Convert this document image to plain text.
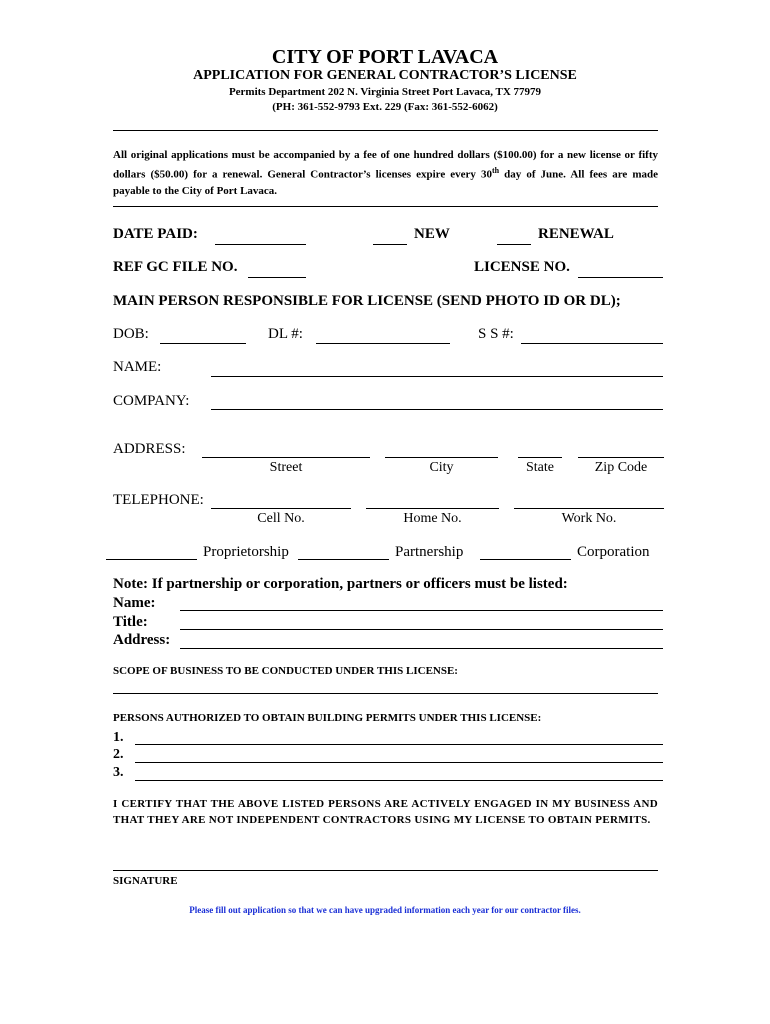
CITY OF PORT LAVACA
APPLICATION FOR GENERAL CONTRACTOR’S LICENSE
Permits Department 202 N. Virginia Street Port Lavaca, TX 77979
(PH: 361-552-9793 Ext. 229 (Fax: 361-552-6062)
All original applications must be accompanied by a fee of one hundred dollars ($100.00) for a new license or fifty dollars ($50.00) for a renewal. General Contractor’s licenses expire every 30th day of June. All fees are made payable to the City of Port Lavaca.
DATE PAID:	NEW	RENEWAL
REF GC FILE NO.	LICENSE NO.
MAIN PERSON RESPONSIBLE FOR LICENSE (SEND PHOTO ID OR DL);
DOB:	DL #:	S S #:
NAME:
COMPANY:
ADDRESS:
Street	City	State	Zip Code
TELEPHONE:
Cell No.	Home No.	Work No.
Proprietorship	Partnership	Corporation
Note: If partnership or corporation, partners or officers must be listed:
Name:
Title:
Address:
SCOPE OF BUSINESS TO BE CONDUCTED UNDER THIS LICENSE:
PERSONS AUTHORIZED TO OBTAIN BUILDING PERMITS UNDER THIS LICENSE:
1.
2.
3.
I CERTIFY THAT THE ABOVE LISTED PERSONS ARE ACTIVELY ENGAGED IN MY BUSINESS AND THAT THEY ARE NOT INDEPENDENT CONTRACTORS USING MY LICENSE TO OBTAIN PERMITS.
SIGNATURE
Please fill out application so that we can have upgraded information each year for our contractor files.
